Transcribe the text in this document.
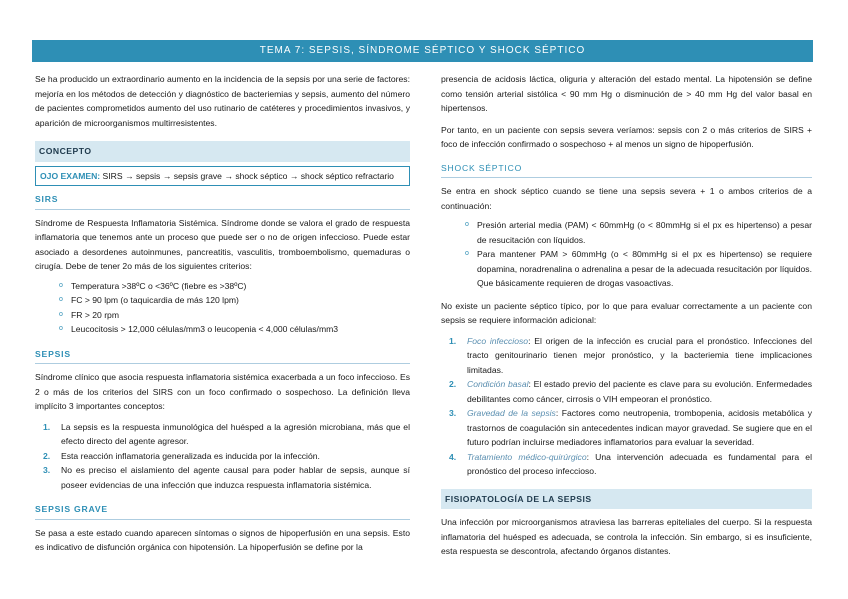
TEMA 7: SEPSIS, SÍNDROME SÉPTICO Y SHOCK SÉPTICO

Se ha producido un extraordinario aumento en la incidencia de la sepsis por una serie de factores: mejoría en los métodos de detección y diagnóstico de bacteriemias y sepsis, aumento del número de pacientes comprometidos aumento del uso rutinario de catéteres y procedimientos invasivos, y aparición de microorganismos multirresistentes.

CONCEPTO
OJO EXAMEN: SIRS → sepsis → sepsis grave → shock séptico → shock séptico refractario
SIRS

Síndrome de Respuesta Inflamatoria Sistémica. Síndrome donde se valora el grado de respuesta inflamatoria que tenemos ante un proceso que puede ser o no de origen infeccioso. Puede estar asociado a desordenes autoinmunes, pancreatitis, vasculitis, tromboembolismo, quemaduras o cirugía. Debe de tener 2o más de los siguientes criterios:

o Temperatura >38ºC o <36ºC (fiebre es >38ºC)
o FC > 90 lpm (o taquicardia de más 120 lpm)
o FR > 20 rpm
o Leucocitosis > 12,000 células/mm3 o leucopenia < 4,000 células/mm3
SEPSIS

Síndrome clínico que asocia respuesta inflamatoria sistémica exacerbada a un foco infeccioso. Es 2 o más de los criterios del SIRS con un foco confirmado o sospechoso. La definición lleva implícito 3 importantes conceptos:

1. La sepsis es la respuesta inmunológica del huésped a la agresión microbiana, más que el efecto directo del agente agresor.
2. Esta reacción inflamatoria generalizada es inducida por la infección.
3. No es preciso el aislamiento del agente causal para poder hablar de sepsis, aunque sí poseer evidencias de una infección que induzca respuesta inflamatoria sistémica.
SEPSIS GRAVE

Se pasa a este estado cuando aparecen síntomas o signos de hipoperfusión en una sepsis. Esto es indicativo de disfunción orgánica con hipotensión. La hipoperfusión se define por la

presencia de acidosis láctica, oliguria y alteración del estado mental. La hipotensión se define como tensión arterial sistólica < 90 mm Hg o disminución de > 40 mm Hg del valor basal en hipertensos.

Por tanto, en un paciente con sepsis severa veríamos: sepsis con 2 o más criterios de SIRS + foco de infección confirmado o sospechoso + al menos un signo de hipoperfusión.

SHOCK SÉPTICO

Se entra en shock séptico cuando se tiene una sepsis severa + 1 o ambos criterios de a continuación:

o Presión arterial media (PAM) < 60mmHg (o < 80mmHg si el px es hipertenso) a pesar de resucitación con líquidos.
o Para mantener PAM > 60mmHg (o < 80mmHg si el px es hipertenso) se requiere dopamina, noradrenalina o adrenalina a pesar de la adecuada resucitación por líquidos. Que básicamente requieren de drogas vasoactivas.

No existe un paciente séptico típico, por lo que para evaluar correctamente a un paciente con sepsis se requiere información adicional:

1. Foco infeccioso: El origen de la infección es crucial para el pronóstico. Infecciones del tracto genitourinario tienen mejor pronóstico, y la bacteriemia tiene implicaciones limitadas.
2. Condición basal: El estado previo del paciente es clave para su evolución. Enfermedades debilitantes como cáncer, cirrosis o VIH empeoran el pronóstico.
3. Gravedad de la sepsis: Factores como neutropenia, trombopenia, acidosis metabólica y trastornos de coagulación sin antecedentes indican mayor gravedad. Se sugiere que en el futuro podrían incluirse mediadores inflamatorios para evaluar la severidad.
4. Tratamiento médico-quirúrgico: Una intervención adecuada es fundamental para el pronóstico del proceso infeccioso.
FISIOPATOLOGÍA DE LA SEPSIS

Una infección por microorganismos atraviesa las barreras epiteliales del cuerpo. Si la respuesta inflamatoria del huésped es adecuada, se controla la infección. Sin embargo, si es insuficiente, esta respuesta se descontrola, afectando órganos distantes.
